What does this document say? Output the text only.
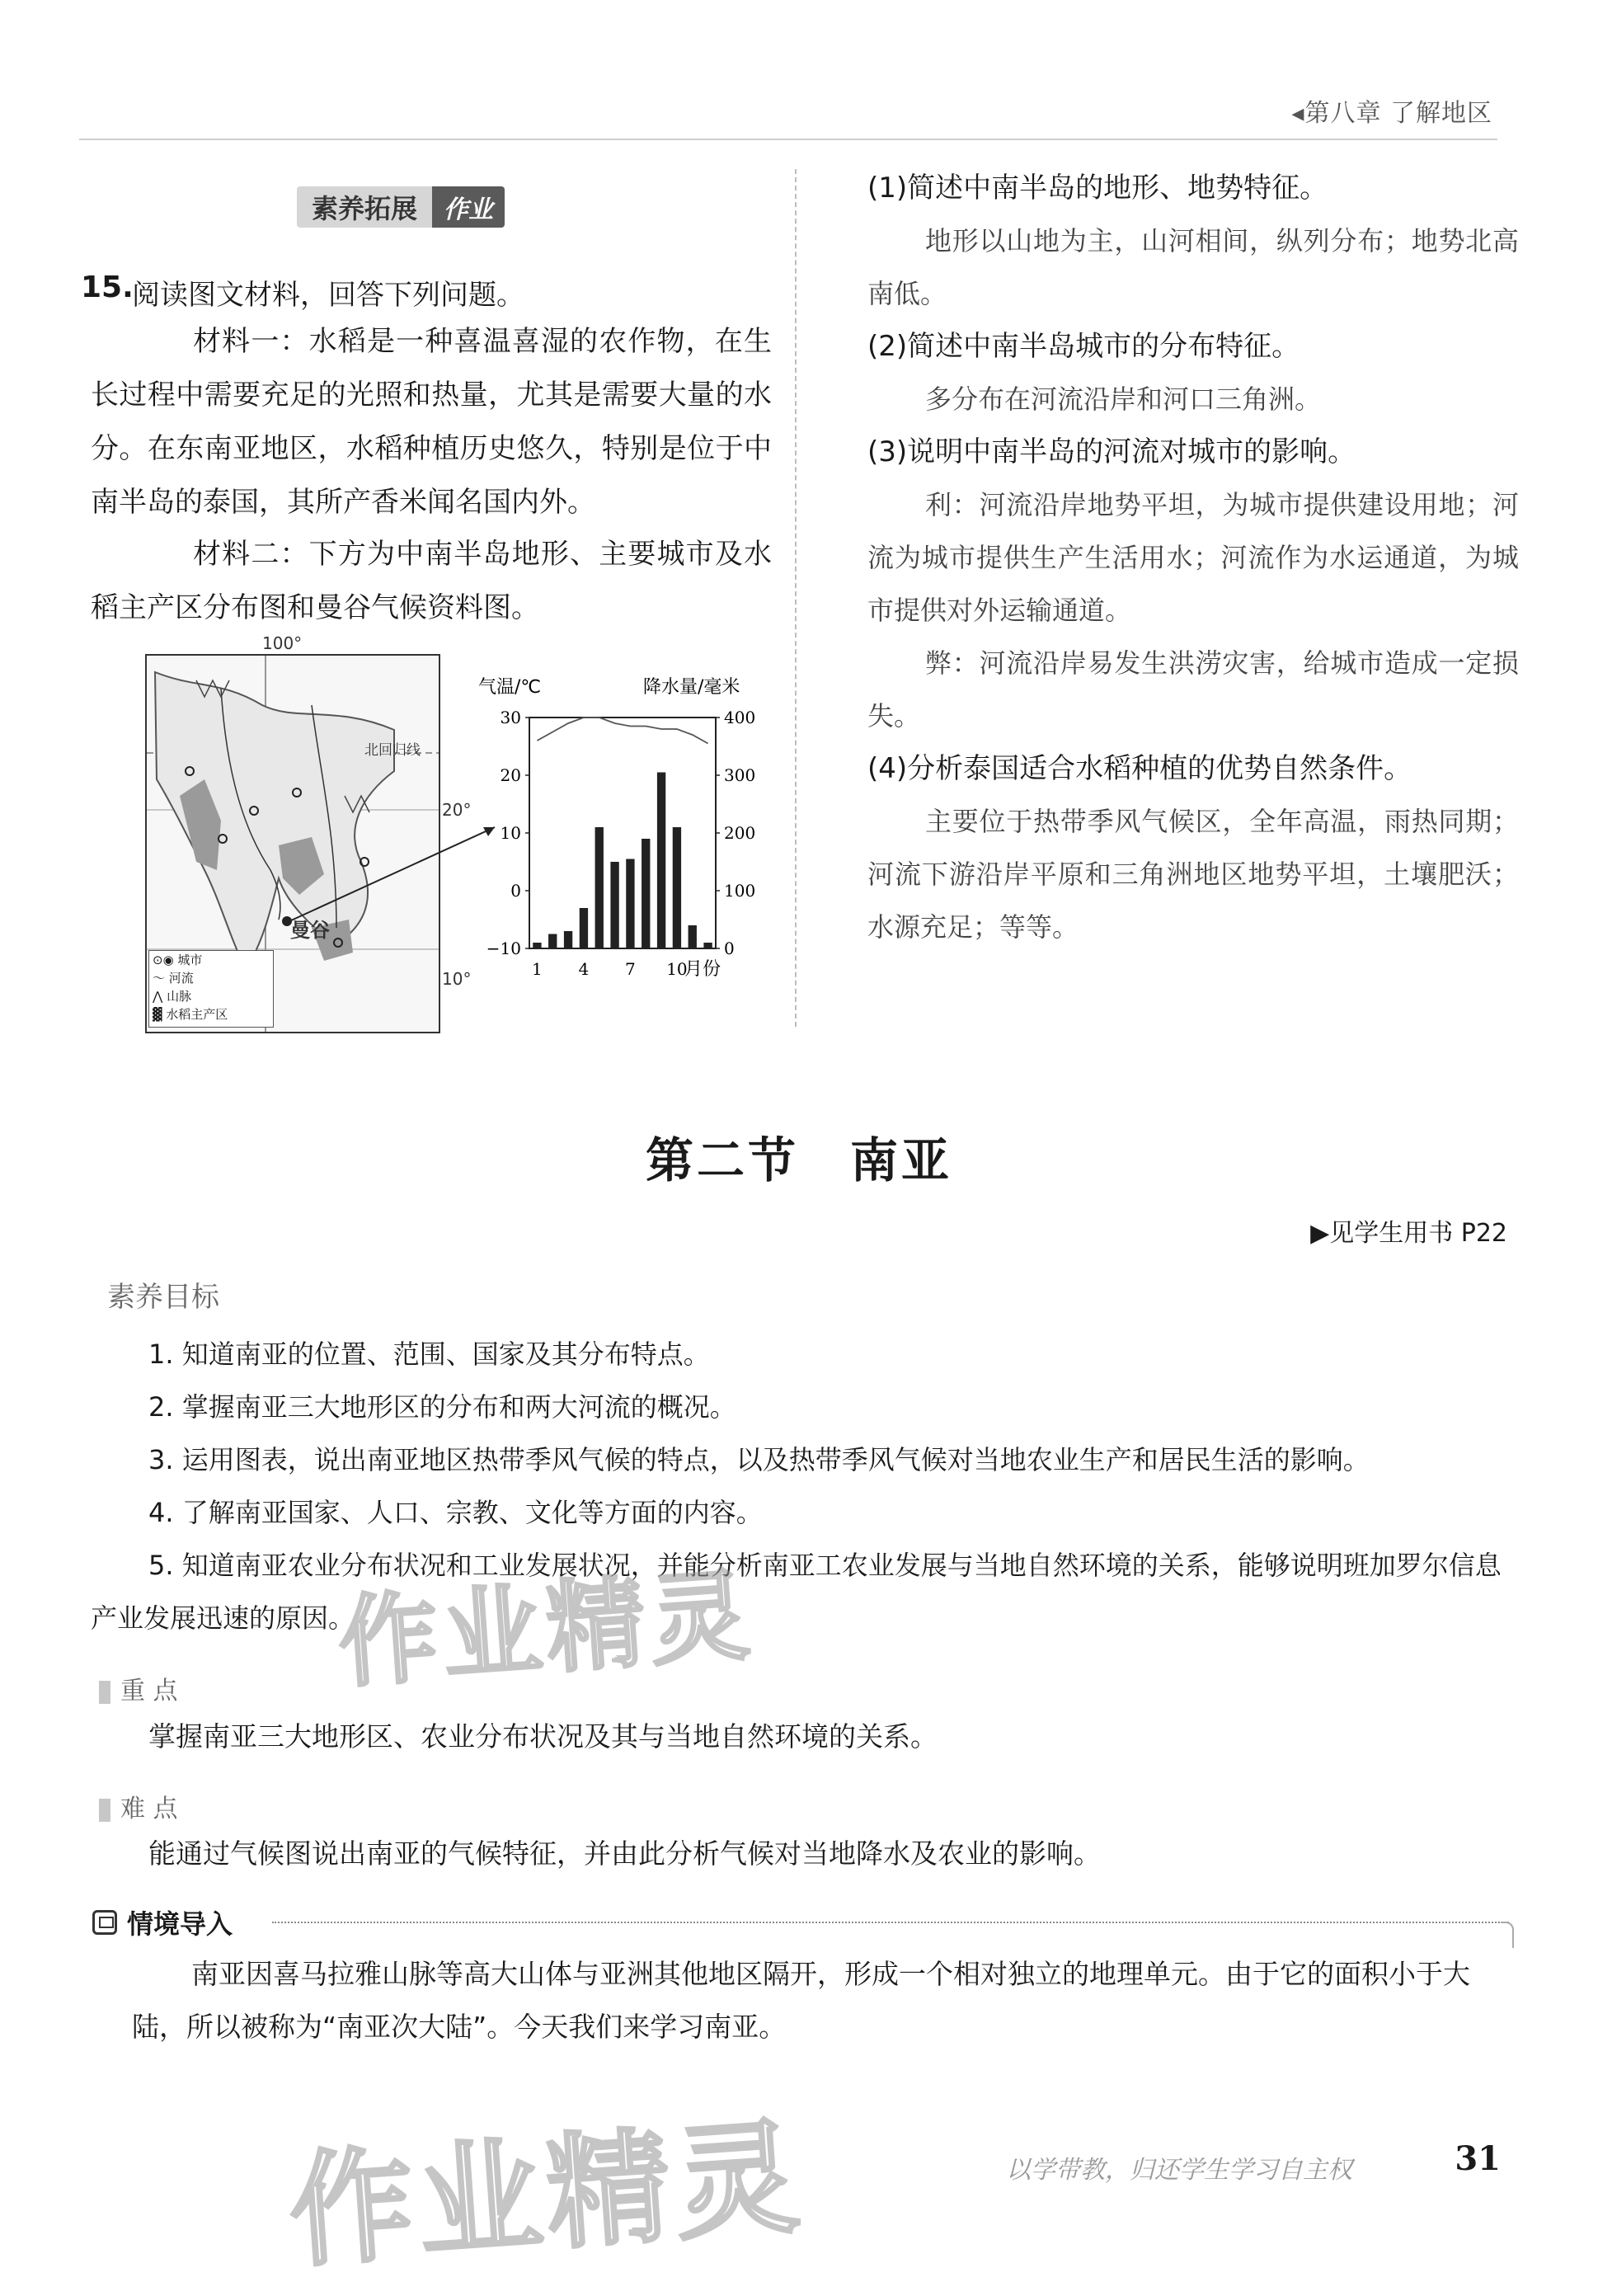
◂第八章 了解地区
素养拓展	作业
15.
阅读图文材料，回答下列问题。
材料一：水稻是一种喜温喜湿的农作物，在生长过程中需要充足的光照和热量，尤其是需要大量的水分。在东南亚地区，水稻种植历史悠久，特别是位于中南半岛的泰国，其所产香米闻名国内外。
材料二：下方为中南半岛地形、主要城市及水稻主产区分布图和曼谷气候资料图。
100°
北回归线
20°
10°
曼谷
⊙◉ 城市
〜 河流
⋀ 山脉
▓ 水稻主产区
气温/℃	降水量/毫米
30
20
10
0
−10
400
300
200
100
0
1 4 7 10
月份
(1)简述中南半岛的地形、地势特征。
地形以山地为主，山河相间，纵列分布；地势北高南低。
(2)简述中南半岛城市的分布特征。
多分布在河流沿岸和河口三角洲。
(3)说明中南半岛的河流对城市的影响。
利：河流沿岸地势平坦，为城市提供建设用地；河流为城市提供生产生活用水；河流作为水运通道，为城市提供对外运输通道。
弊：河流沿岸易发生洪涝灾害，给城市造成一定损失。
(4)分析泰国适合水稻种植的优势自然条件。
主要位于热带季风气候区，全年高温，雨热同期；河流下游沿岸平原和三角洲地区地势平坦，土壤肥沃；水源充足；等等。
第二节　南亚
▶见学生用书 P22
素养目标
1. 知道南亚的位置、范围、国家及其分布特点。
2. 掌握南亚三大地形区的分布和两大河流的概况。
3. 运用图表，说出南亚地区热带季风气候的特点，以及热带季风气候对当地农业生产和居民生活的影响。
4. 了解南亚国家、人口、宗教、文化等方面的内容。
5. 知道南亚农业分布状况和工业发展状况，并能分析南亚工农业发展与当地自然环境的关系，能够说明班加罗尔信息产业发展迅速的原因。
重 点
掌握南亚三大地形区、农业分布状况及其与当地自然环境的关系。
难 点
能通过气候图说出南亚的气候特征，并由此分析气候对当地降水及农业的影响。
情境导入
南亚因喜马拉雅山脉等高大山体与亚洲其他地区隔开，形成一个相对独立的地理单元。由于它的面积小于大陆，所以被称为“南亚次大陆”。今天我们来学习南亚。
作业精灵
作业精灵	以学带教，归还学生学习自主权	31
